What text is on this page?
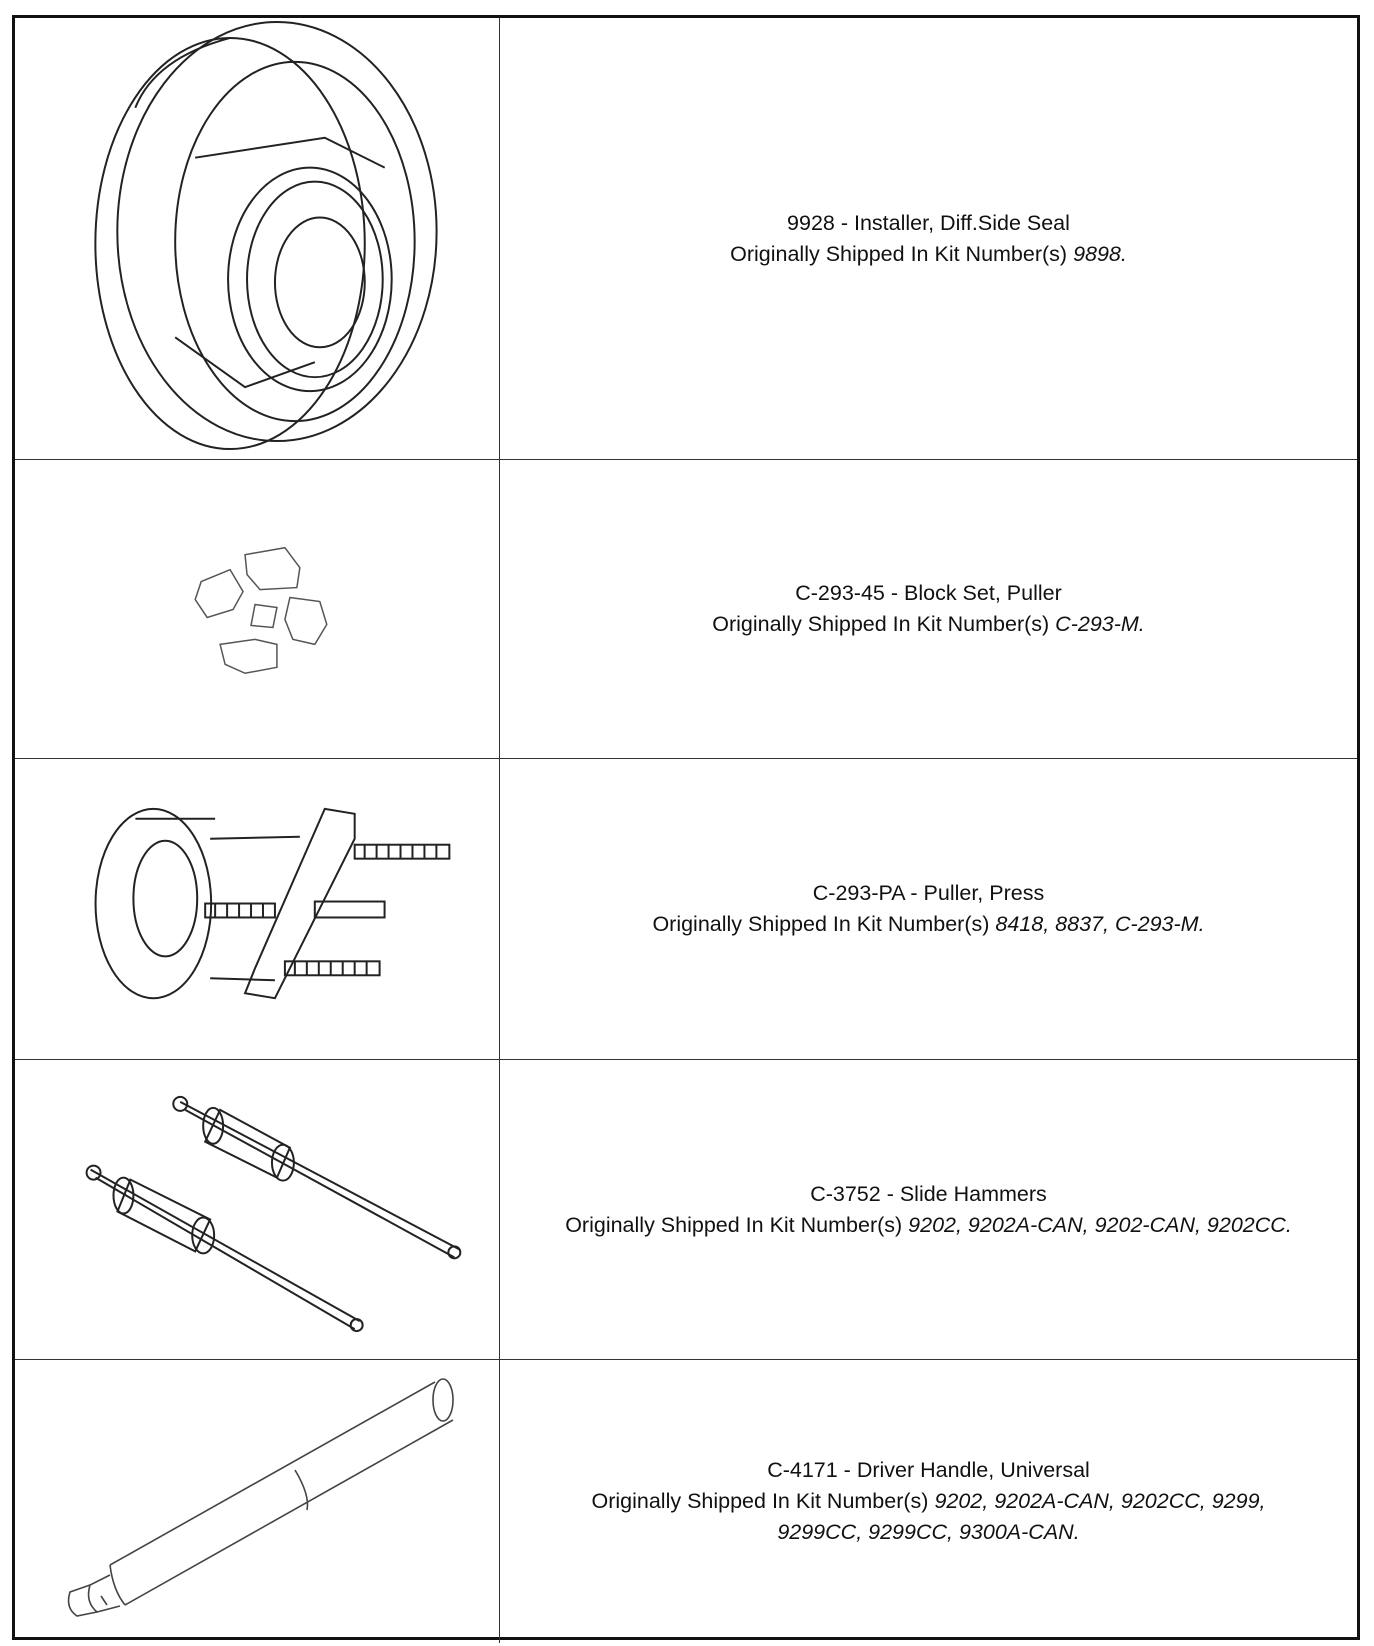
9928 - Installer, Diff.Side Seal
Originally Shipped In Kit Number(s) 9898.
C-293-45 - Block Set, Puller
Originally Shipped In Kit Number(s) C-293-M.
C-293-PA - Puller, Press
Originally Shipped In Kit Number(s) 8418, 8837, C-293-M.
C-3752 - Slide Hammers
Originally Shipped In Kit Number(s) 9202, 9202A-CAN, 9202-CAN, 9202CC.
C-4171 - Driver Handle, Universal
Originally Shipped In Kit Number(s) 9202, 9202A-CAN, 9202CC, 9299,
9299CC, 9299CC, 9300A-CAN.
